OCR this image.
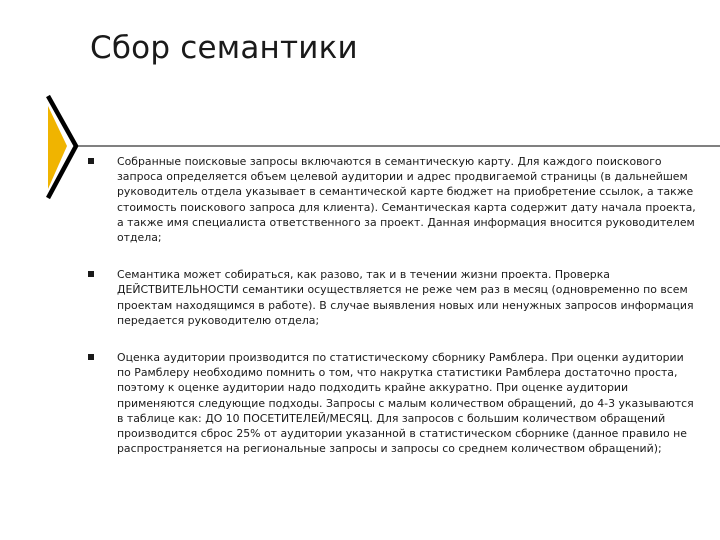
Сбор семантики
Собранные поисковые запросы включаются в семантическую карту. Для каждого поискового запроса определяется объем целевой аудитории и адрес продвигаемой страницы (в дальнейшем руководитель отдела указывает в семантической карте бюджет на приобретение ссылок, а также стоимость поискового запроса для клиента). Семантическая карта содержит дату начала проекта, а также имя специалиста ответственного за проект. Данная информация вносится руководителем отдела;
Семантика может собираться, как разово, так и в течении жизни проекта. Проверка ДЕЙСТВИТЕЛЬНОСТИ семантики осуществляется не реже чем раз в месяц (одновременно по всем проектам находящимся в работе). В случае выявления новых или ненужных запросов информация передается руководителю отдела;
Оценка аудитории производится по статистическому сборнику Рамблера. При оценки аудитории по Рамблеру необходимо помнить о том, что накрутка статистики Рамблера достаточно проста, поэтому к оценке аудитории надо подходить крайне аккуратно. При оценке аудитории применяются следующие подходы. Запросы с малым количеством обращений, до 4-3 указываются в таблице как: ДО 10 ПОСЕТИТЕЛЕЙ/МЕСЯЦ. Для запросов с большим количеством обращений производится сброс 25% от аудитории указанной в статистическом сборнике (данное правило не распространяется на региональные запросы и запросы со среднем количеством обращений);
